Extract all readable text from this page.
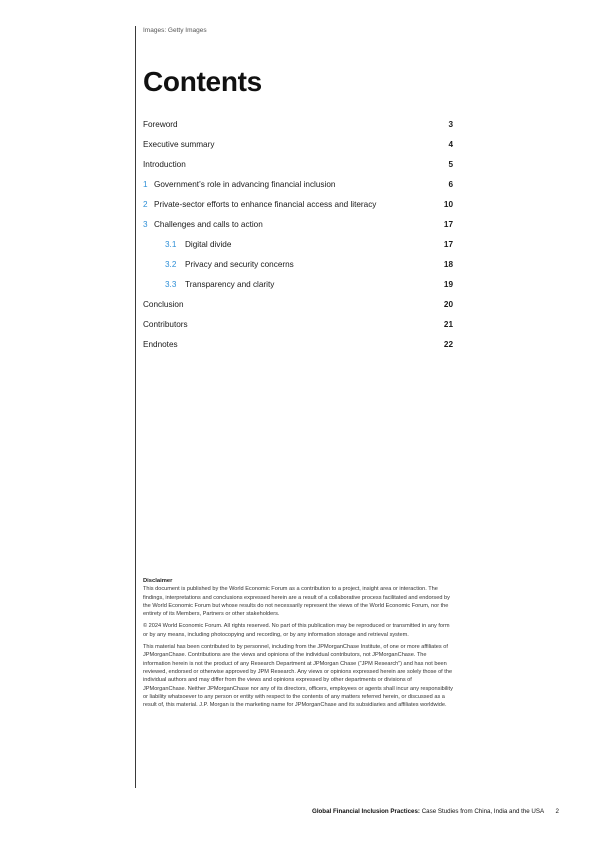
Images: Getty Images
Contents
Foreword	3
Executive summary	4
Introduction	5
1 Government’s role in advancing financial inclusion	6
2 Private-sector efforts to enhance financial access and literacy	10
3 Challenges and calls to action	17
3.1 Digital divide	17
3.2 Privacy and security concerns	18
3.3 Transparency and clarity	19
Conclusion	20
Contributors	21
Endnotes	22
Disclaimer

This document is published by the World Economic Forum as a contribution to a project, insight area or interaction. The findings, interpretations and conclusions expressed herein are a result of a collaborative process facilitated and endorsed by the World Economic Forum but whose results do not necessarily represent the views of the World Economic Forum, nor the entirety of its Members, Partners or other stakeholders.

© 2024 World Economic Forum. All rights reserved. No part of this publication may be reproduced or transmitted in any form or by any means, including photocopying and recording, or by any information storage and retrieval system.

This material has been contributed to by personnel, including from the JPMorganChase Institute, of one or more affiliates of JPMorganChase. Contributions are the views and opinions of the individual contributors, not JPMorganChase. The information herein is not the product of any Research Department at JPMorgan Chase (“JPM Research”) and has not been reviewed, endorsed or otherwise approved by JPM Research. Any views or opinions expressed herein are solely those of the individual authors and may differ from the views and opinions expressed by other departments or divisions of JPMorganChase. Neither JPMorganChase nor any of its directors, officers, employees or agents shall incur any responsibility or liability whatsoever to any person or entity with respect to the contents of any matters referred herein, or discussed as a result of, this material. J.P. Morgan is the marketing name for JPMorganChase and its subsidiaries and affiliates worldwide.

Global Financial Inclusion Practices: Case Studies from China, India and the USA 2
